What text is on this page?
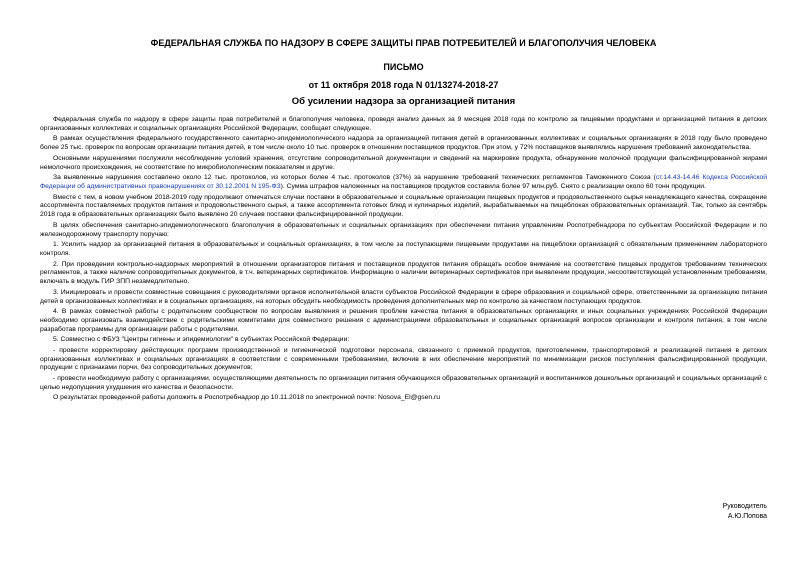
ФЕДЕРАЛЬНАЯ СЛУЖБА ПО НАДЗОРУ В СФЕРЕ ЗАЩИТЫ ПРАВ ПОТРЕБИТЕЛЕЙ И БЛАГОПОЛУЧИЯ ЧЕЛОВЕКА

ПИСЬМО

от 11 октября 2018 года N 01/13274-2018-27

Об усилении надзора за организацией питания

Федеральная служба по надзору в сфере защиты прав потребителей и благополучия человека, проведя анализ данных за 9 месяцев 2018 года по контролю за пищевыми продуктами и организацией питания в детских организованных коллективах и социальных организациях Российской Федерации, сообщает следующее.

В рамках осуществления федерального государственного санитарно-эпидемиологического надзора за организацией питания детей в организованных коллективах и социальных организациях в 2018 году было проведено более 25 тыс. проверок по вопросам организации питания детей, в том числе около 10 тыс. проверок в отношении поставщиков продуктов. При этом, у 72% поставщиков выявлялись нарушения требований законодательства.

Основными нарушениями послужили несоблюдение условий хранения, отсутствие сопроводительной документации и сведений на маркировке продукта, обнаружение молочной продукции фальсифицированной жирами немолочного происхождения, не соответствие по микробиологическим показателям и другие.

За выявленные нарушения составлено около 12 тыс. протоколов, из которых более 4 тыс. протоколов (37%) за нарушение требований технических регламентов Таможенного Союза (ст.14.43-14.46 Кодекса Российской Федерации об административных правонарушениях от 30.12.2001 N 195-ФЗ). Сумма штрафов наложенных на поставщиков продуктов составила более 97 млн.руб. Снято с реализации около 60 тонн продукции.

Вместе с тем, в новом учебном 2018-2019 году продолжают отмечаться случаи поставки в образовательные и социальные организации пищевых продуктов и продовольственного сырья ненадлежащего качества, сокращение ассортимента поставляемых продуктов питания и продовольственного сырья, а также ассортимента готовых блюд и кулинарных изделий, вырабатываемых на пищеблоках образовательных организаций. Так, только за сентябрь 2018 года в образовательных организациях было выявлено 20 случаев поставки фальсифицированной продукции.

В целях обеспечения санитарно-эпидемиологического благополучия в образовательных и социальных организациях при обеспечении питания управлениям Роспотребнадзора по субъектам Российской Федерации и по железнодорожному транспорту поручаю:

1. Усилить надзор за организацией питания в образовательных и социальных организациях, в том числе за поступающими пищевыми продуктами на пищеблоки организаций с обязательным применением лабораторного контроля.

2. При проведении контрольно-надзорных мероприятий в отношении организаторов питания и поставщиков продуктов питания обращать особое внимание на соответствие пищевых продуктов требованиям технических регламентов, а также наличие сопроводительных документов, в т.ч. ветеринарных сертификатов. Информацию о наличии ветеринарных сертификатов при выявлении продукции, несоответствующей установленным требованиям, включать в модуль ГИР ЗПП незамедлительно.

3. Инициировать и провести совместные совещания с руководителями органов исполнительной власти субъектов Российской Федерации в сфере образования и социальной сфере, ответственными за организацию питания детей в организованных коллективах и в социальных организациях, на которых обсудить необходимость проведения дополнительных мер по контролю за качеством поступающих продуктов.

4. В рамках совместной работы с родительским сообществом по вопросам выявления и решения проблем качества питания в образовательных организациях и иных социальных учреждениях Российской Федерации необходимо организовать взаимодействие с родительскими комитетами для совместного решения с администрациями образовательных и социальных организаций вопросов организации и контроля питания, в том числе разработав программы для организации работы с родителями.

5. Совместно с ФБУЗ "Центры гигиены и эпидемиологии" в субъектах Российской Федерации:

- провести корректировку действующих программ производственной и гигиенической подготовки персонала, связанного с приемкой продуктов, приготовлением, транспортировкой и реализацией питания в детских организованных коллективах и социальных организациях в соответствии с современными требованиями, включив в них обеспечение мероприятий по минимизации рисков поступления фальсифицированной продукции, продукции с признаками порчи, без сопроводительных документов;

- провести необходимую работу с организациями, осуществляющими деятельность по организации питания обучающихся образовательных организаций и воспитанников дошкольных организаций и социальных организаций с целью недопущения ухудшения его качества и безопасности.

О результатах проведенной работы доложить в Роспотребнадзор до 10.11.2018 по электронной почте: Nosova_El@gsen.ru

Руководитель
А.Ю.Попова
